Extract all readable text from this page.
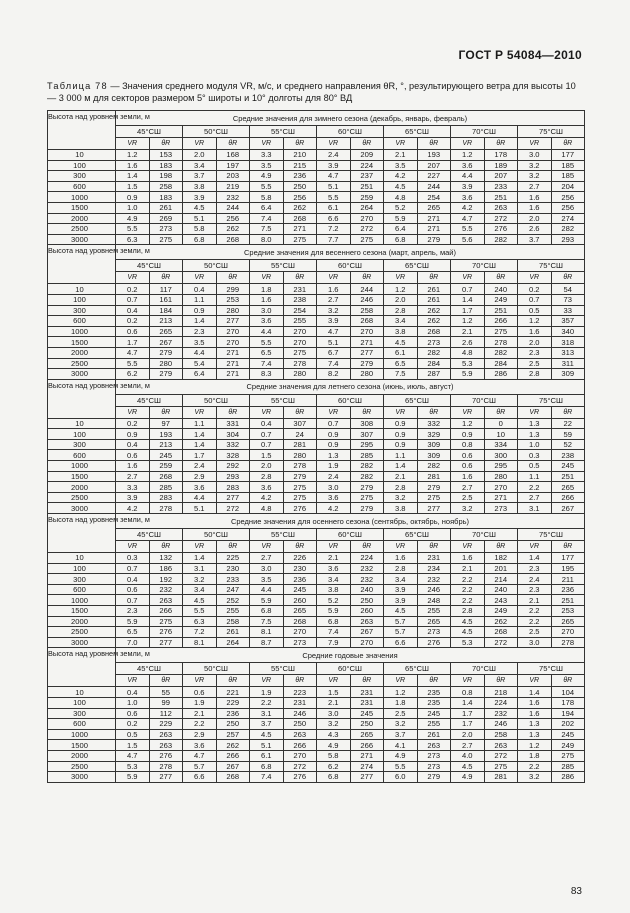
ГОСТ Р 54084—2010
Таблица 78 — Значения среднего модуля VR, м/с, и среднего направления θR, °, результирующего ветра для высоты 10 — 3 000 м для секторов размером 5° широты и 10° долготы для 80° ВД
Высота над уровнем земли, м	Средние значения для зимнего сезона (декабрь, январь, февраль)													
	45°СШ		50°СШ		55°СШ		60°СШ		65°СШ		70°СШ		75°СШ	
	VR	θR	VR	θR	VR	θR	VR	θR	VR	θR	VR	θR	VR	θR
10	1.2	153	2.0	168	3.3	210	2.4	209	2.1	193	1.2	178	3.0	177
100	1.6	183	3.4	197	3.5	215	3.9	224	3.5	207	3.6	189	3.2	185
300	1.4	198	3.7	203	4.9	236	4.7	237	4.2	227	4.4	207	3.2	185
600	1.5	258	3.8	219	5.5	250	5.1	251	4.5	244	3.9	233	2.7	204
1000	0.9	183	3.9	232	5.8	256	5.5	259	4.8	254	3.6	251	1.6	256
1500	1.0	261	4.5	244	6.4	262	6.1	264	5.2	265	4.2	263	1.6	256
2000	4.9	269	5.1	256	7.4	268	6.6	270	5.9	271	4.7	272	2.0	274
2500	5.5	273	5.8	262	7.5	271	7.2	272	6.4	271	5.5	276	2.6	282
3000	6.3	275	6.8	268	8.0	275	7.7	275	6.8	279	5.6	282	3.7	293
Высота над уровнем земли, м	Средние значения для весеннего сезона (март, апрель, май)													
	45°СШ		50°СШ		55°СШ		60°СШ		65°СШ		70°СШ		75°СШ	
	VR	θR	VR	θR	VR	θR	VR	θR	VR	θR	VR	θR	VR	θR
10	0.2	117	0.4	299	1.8	231	1.6	244	1.2	261	0.7	240	0.2	54
100	0.7	161	1.1	253	1.6	238	2.7	246	2.0	261	1.4	249	0.7	73
300	0.4	184	0.9	280	3.0	254	3.2	258	2.8	262	1.7	251	0.5	33
600	0.2	213	1.4	277	3.6	255	3.9	268	3.4	262	1.2	266	1.2	357
1000	0.6	265	2.3	270	4.4	270	4.7	270	3.8	268	2.1	275	1.6	340
1500	1.7	267	3.5	270	5.5	270	5.1	271	4.5	273	2.6	278	2.0	318
2000	4.7	279	4.4	271	6.5	275	6.7	277	6.1	282	4.8	282	2.3	313
2500	5.5	280	5.4	271	7.4	278	7.4	279	6.5	284	5.3	284	2.5	311
3000	6.2	279	6.4	271	8.3	280	8.2	280	7.5	287	5.9	286	2.8	309
Высота над уровнем земли, м	Средние значения для летнего сезона (июнь, июль, август)													
	45°СШ		50°СШ		55°СШ		60°СШ		65°СШ		70°СШ		75°СШ	
	VR	θR	VR	θR	VR	θR	VR	θR	VR	θR	VR	θR	VR	θR
10	0.2	97	1.1	331	0.4	307	0.7	308	0.9	332	1.2	0	1.3	22
100	0.9	193	1.4	304	0.7	24	0.9	307	0.9	329	0.9	10	1.3	59
300	0.4	213	1.4	332	0.7	281	0.9	295	0.9	309	0.8	334	1.0	52
600	0.6	245	1.7	328	1.5	280	1.3	285	1.1	309	0.6	300	0.3	238
1000	1.6	259	2.4	292	2.0	278	1.9	282	1.4	282	0.6	295	0.5	245
1500	2.7	268	2.9	293	2.8	279	2.4	282	2.1	281	1.6	280	1.1	251
2000	3.3	285	3.6	283	3.6	275	3.0	279	2.8	279	2.7	270	2.2	265
2500	3.9	283	4.4	277	4.2	275	3.6	275	3.2	275	2.5	271	2.7	266
3000	4.2	278	5.1	272	4.8	276	4.2	279	3.8	277	3.2	273	3.1	267
Высота над уровнем земли, м	Средние значения для осеннего сезона (сентябрь, октябрь, ноябрь)													
	45°СШ		50°СШ		55°СШ		60°СШ		65°СШ		70°СШ		75°СШ	
	VR	θR	VR	θR	VR	θR	VR	θR	VR	θR	VR	θR	VR	θR
10	0.3	132	1.4	225	2.7	226	2.1	224	1.6	231	1.6	182	1.4	177
100	0.7	186	3.1	230	3.0	230	3.6	232	2.8	234	2.1	201	2.3	195
300	0.4	192	3.2	233	3.5	236	3.4	232	3.4	232	2.2	214	2.4	211
600	0.6	232	3.4	247	4.4	245	3.8	240	3.9	246	2.2	240	2.3	236
1000	0.7	263	4.5	252	5.9	260	5.2	250	3.9	248	2.2	243	2.1	251
1500	2.3	266	5.5	255	6.8	265	5.9	260	4.5	255	2.8	249	2.2	253
2000	5.9	275	6.3	258	7.5	268	6.8	263	5.7	265	4.5	262	2.2	265
2500	6.5	276	7.2	261	8.1	270	7.4	267	5.7	273	4.5	268	2.5	270
3000	7.0	277	8.1	264	8.7	273	7.9	270	6.6	276	5.3	272	3.0	278
Высота над уровнем земли, м	Средние годовые значения													
	45°СШ		50°СШ		55°СШ		60°СШ		65°СШ		70°СШ		75°СШ	
	VR	θR	VR	θR	VR	θR	VR	θR	VR	θR	VR	θR	VR	θR
10	0.4	55	0.6	221	1.9	223	1.5	231	1.2	235	0.8	218	1.4	104
100	1.0	99	1.9	229	2.2	231	2.1	231	1.8	235	1.4	224	1.6	178
300	0.6	112	2.1	236	3.1	246	3.0	245	2.5	245	1.7	232	1.6	194
600	0.2	229	2.2	250	3.7	250	3.2	250	3.2	255	1.7	246	1.3	202
1000	0.5	263	2.9	257	4.5	263	4.3	265	3.7	261	2.0	258	1.3	245
1500	1.5	263	3.6	262	5.1	266	4.9	266	4.1	263	2.7	263	1.2	249
2000	4.7	276	4.7	266	6.1	270	5.8	271	4.9	273	4.0	272	1.8	275
2500	5.3	278	5.7	267	6.8	272	6.2	274	5.5	273	4.5	275	2.2	285
3000	5.9	277	6.6	268	7.4	276	6.8	277	6.0	279	4.9	281	3.2	286
83
